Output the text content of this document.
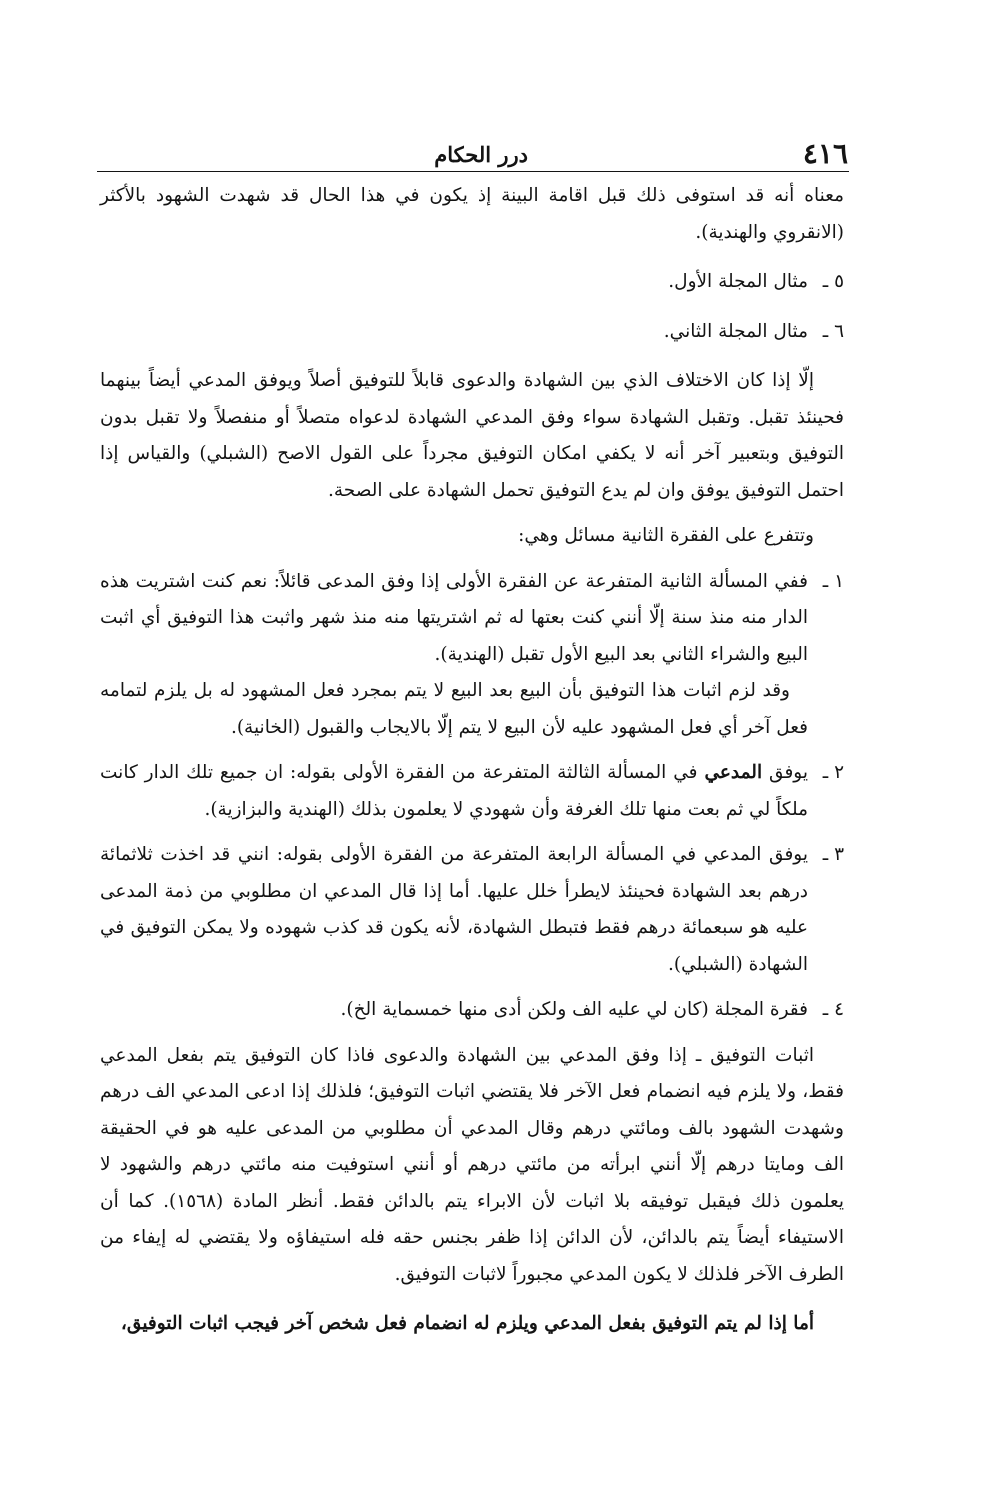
٤١٦
درر الحكام

معناه أنه قد استوفى ذلك قبل اقامة البينة إذ يكون في هذا الحال قد شهدت الشهود بالأكثر (الانقروي والهندية).

٥ ـ
مثال المجلة الأول.
٦ ـ
مثال المجلة الثاني.

إلّا إذا كان الاختلاف الذي بين الشهادة والدعوى قابلاً للتوفيق أصلاً ويوفق المدعي أيضاً بينهما فحينئذ تقبل. وتقبل الشهادة سواء وفق المدعي الشهادة لدعواه متصلاً أو منفصلاً ولا تقبل بدون التوفيق وبتعبير آخر أنه لا يكفي امكان التوفيق مجرداً على القول الاصح (الشبلي) والقياس إذا احتمل التوفيق يوفق وان لم يدع التوفيق تحمل الشهادة على الصحة.

وتتفرع على الفقرة الثانية مسائل وهي:

١ ـ
ففي المسألة الثانية المتفرعة عن الفقرة الأولى إذا وفق المدعى قائلاً: نعم كنت اشتريت هذه الدار منه منذ سنة إلّا أنني كنت بعتها له ثم اشتريتها منه منذ شهر واثبت هذا التوفيق أي اثبت البيع والشراء الثاني بعد البيع الأول تقبل (الهندية).

وقد لزم اثبات هذا التوفيق بأن البيع بعد البيع لا يتم بمجرد فعل المشهود له بل يلزم لتمامه فعل آخر أي فعل المشهود عليه لأن البيع لا يتم إلّا بالايجاب والقبول (الخانية).

٢ ـ
يوفق المدعي في المسألة الثالثة المتفرعة من الفقرة الأولى بقوله: ان جميع تلك الدار كانت ملكاً لي ثم بعت منها تلك الغرفة وأن شهودي لا يعلمون بذلك (الهندية والبزازية).
٣ ـ
يوفق المدعي في المسألة الرابعة المتفرعة من الفقرة الأولى بقوله: انني قد اخذت ثلاثمائة درهم بعد الشهادة فحينئذ لايطرأ خلل عليها. أما إذا قال المدعي ان مطلوبي من ذمة المدعى عليه هو سبعمائة درهم فقط فتبطل الشهادة، لأنه يكون قد كذب شهوده ولا يمكن التوفيق في الشهادة (الشبلي).
٤ ـ
فقرة المجلة (كان لي عليه الف ولكن أدى منها خمسماية الخ).

اثبات التوفيق ـ إذا وفق المدعي بين الشهادة والدعوى فاذا كان التوفيق يتم بفعل المدعي فقط، ولا يلزم فيه انضمام فعل الآخر فلا يقتضي اثبات التوفيق؛ فلذلك إذا ادعى المدعي الف درهم وشهدت الشهود بالف ومائتي درهم وقال المدعي أن مطلوبي من المدعى عليه هو في الحقيقة الف ومايتا درهم إلّا أنني ابرأته من مائتي درهم أو أنني استوفيت منه مائتي درهم والشهود لا يعلمون ذلك فيقبل توفيقه بلا اثبات لأن الابراء يتم بالدائن فقط. أنظر المادة (١٥٦٨). كما أن الاستيفاء أيضاً يتم بالدائن، لأن الدائن إذا ظفر بجنس حقه فله استيفاؤه ولا يقتضي له إيفاء من الطرف الآخر فلذلك لا يكون المدعي مجبوراً لاثبات التوفيق.

أما إذا لم يتم التوفيق بفعل المدعي ويلزم له انضمام فعل شخص آخر فيجب اثبات التوفيق،
